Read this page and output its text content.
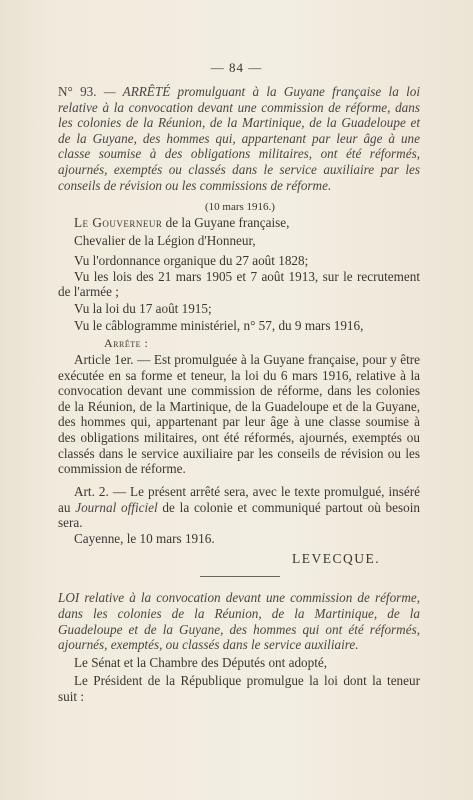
— 84 —

N° 93. — ARRÊTÉ promulguant à la Guyane française la loi relative à la convocation devant une commission de réforme, dans les colonies de la Réunion, de la Martinique, de la Guadeloupe et de la Guyane, des hommes qui, appartenant par leur âge à une classe soumise à des obligations militaires, ont été réformés, ajournés, exemptés ou classés dans le service auxiliaire par les conseils de révision ou les commissions de réforme.

(10 mars 1916.)

Le Gouverneur de la Guyane française,

Chevalier de la Légion d'Honneur,

Vu l'ordonnance organique du 27 août 1828;

Vu les lois des 21 mars 1905 et 7 août 1913, sur le recrutement de l'armée ;

Vu la loi du 17 août 1915;

Vu le câblogramme ministériel, n° 57, du 9 mars 1916,

Arrête :

Article 1er. — Est promulguée à la Guyane française, pour y être exécutée en sa forme et teneur, la loi du 6 mars 1916, relative à la convocation devant une commission de réforme, dans les colonies de la Réunion, de la Martinique, de la Guadeloupe et de la Guyane, des hommes qui, appartenant par leur âge à une classe soumise à des obligations militaires, ont été réformés, ajournés, exemptés ou classés dans le service auxiliaire par les conseils de révision ou les commission de réforme.

Art. 2. — Le présent arrêté sera, avec le texte promulgué, inséré au Journal officiel de la colonie et communiqué partout où besoin sera.

Cayenne, le 10 mars 1916.

LEVECQUE.

LOI relative à la convocation devant une commission de réforme, dans les colonies de la Réunion, de la Martinique, de la Guadeloupe et de la Guyane, des hommes qui ont été réformés, ajournés, exemptés, ou classés dans le service auxiliaire.

Le Sénat et la Chambre des Députés ont adopté,

Le Président de la République promulgue la loi dont la teneur suit :
